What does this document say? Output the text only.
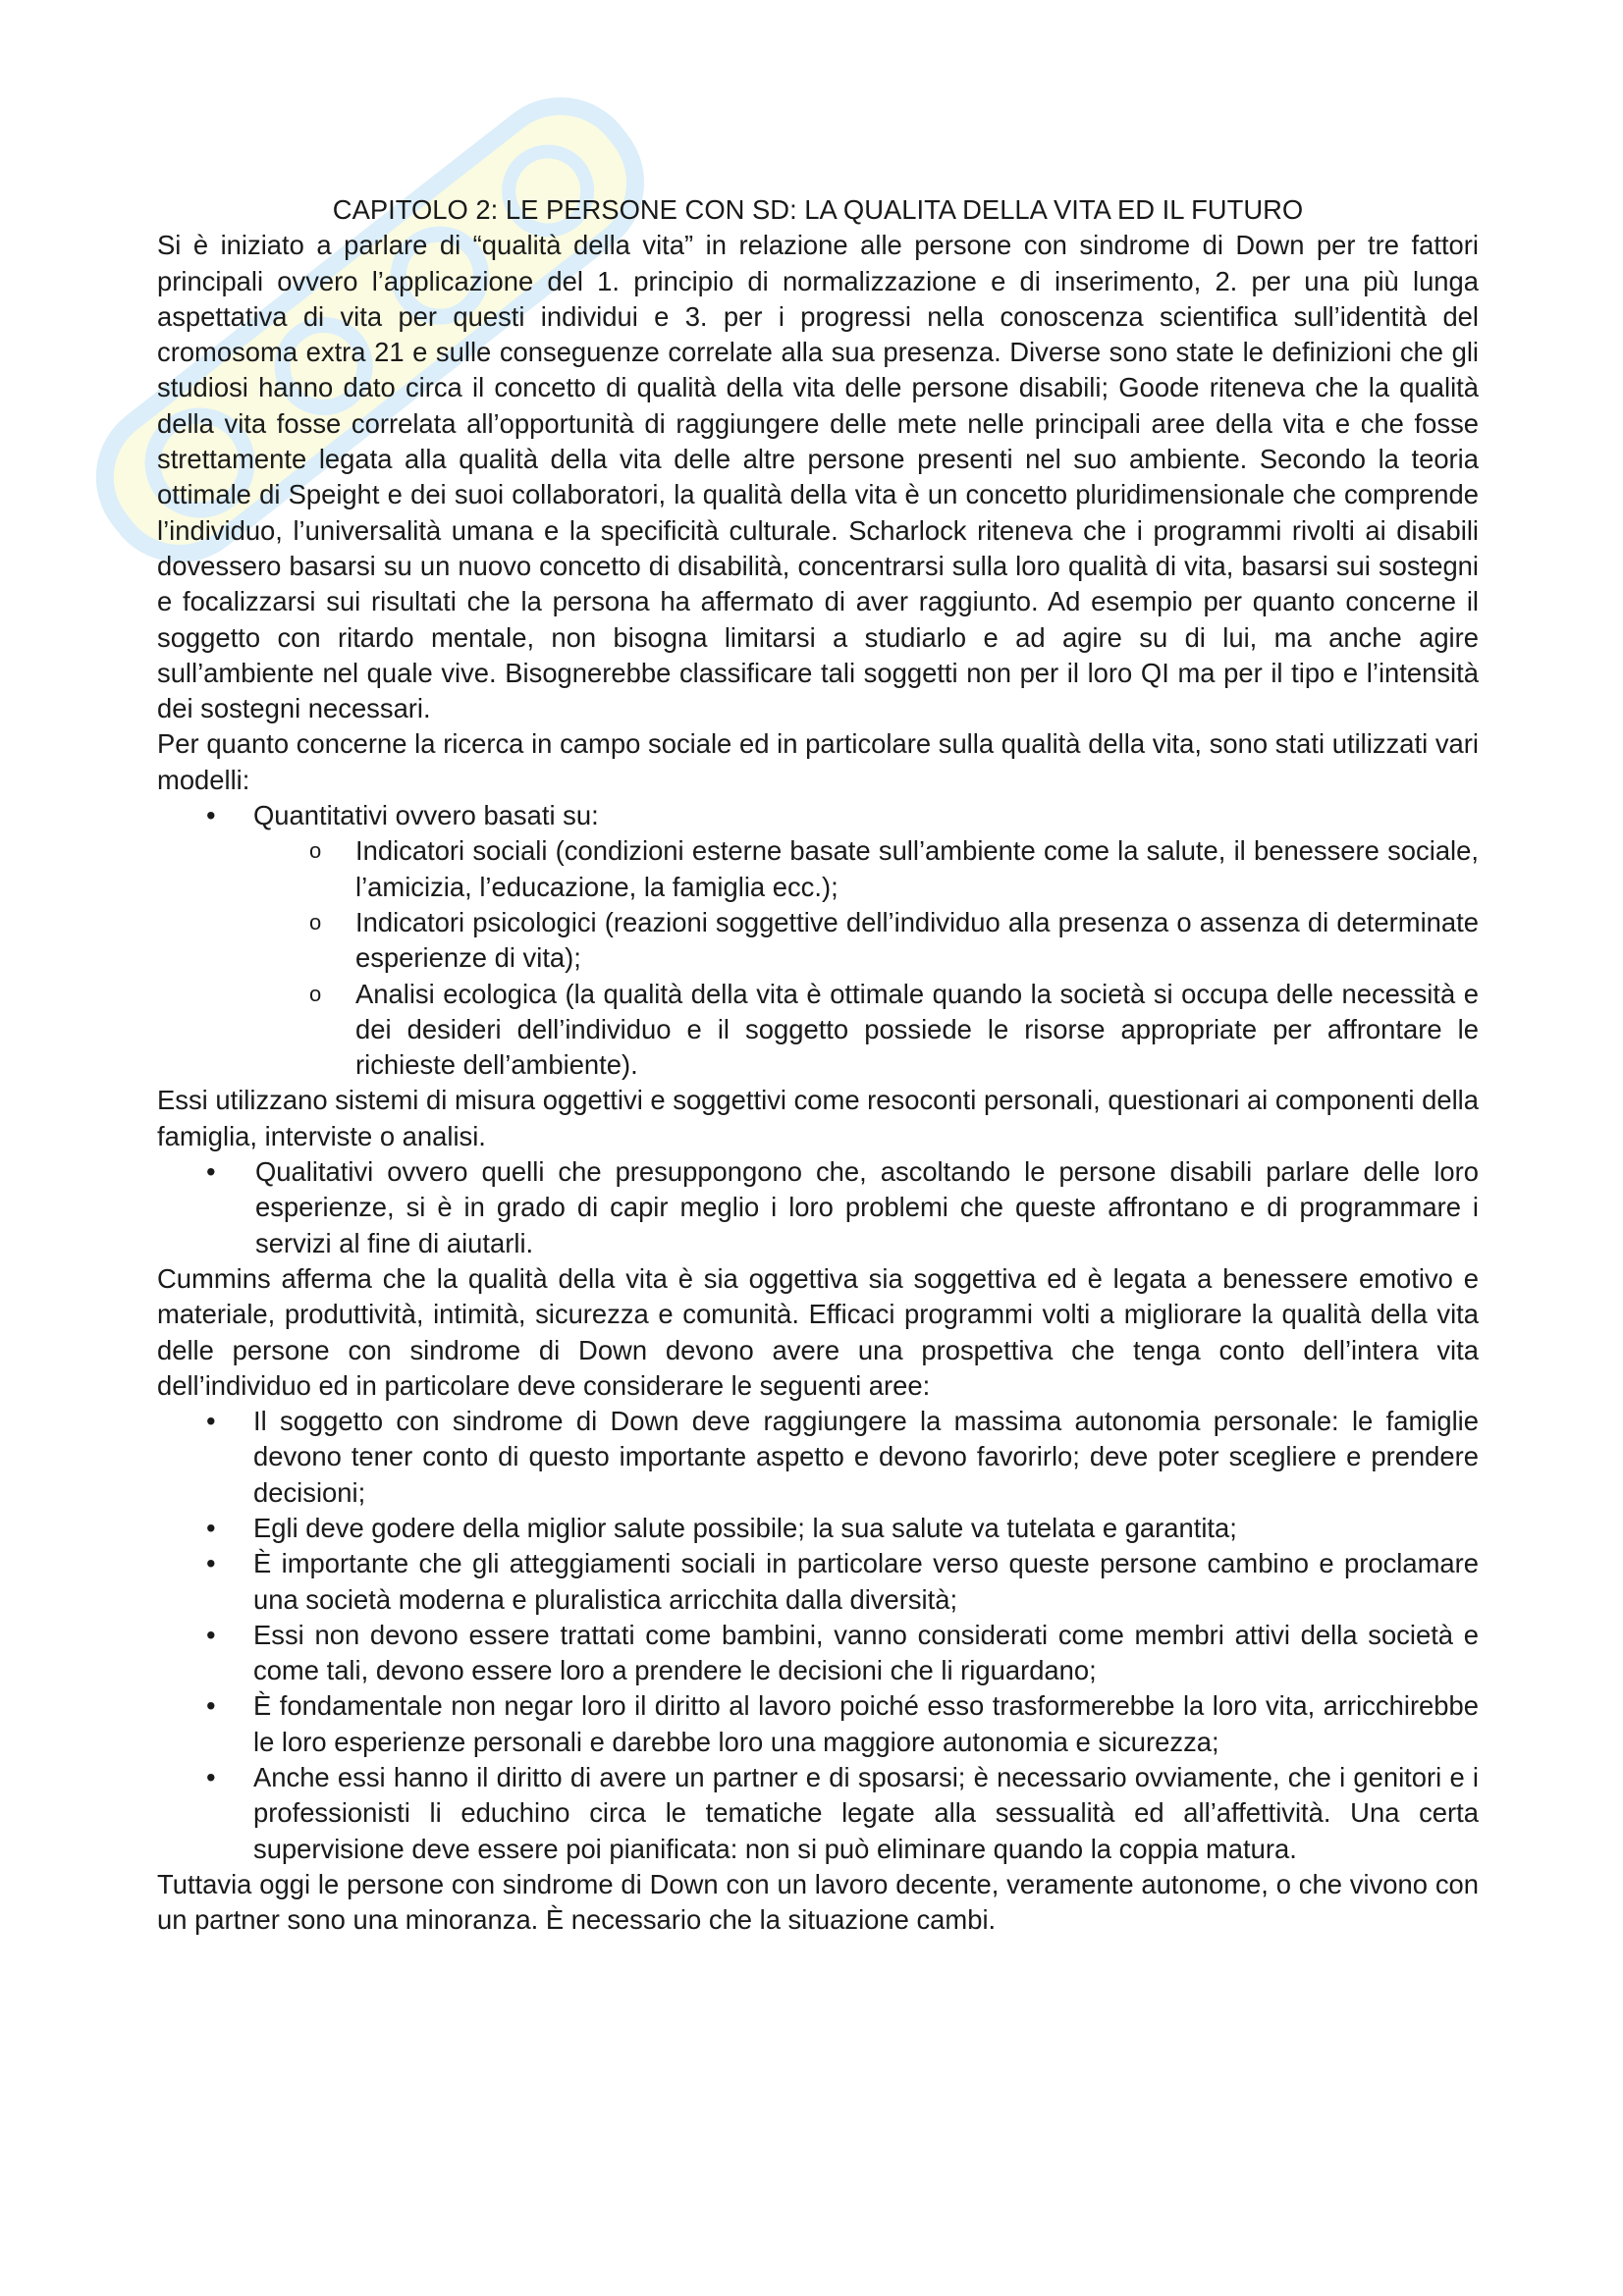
CAPITOLO 2: LE PERSONE CON SD: LA QUALITA DELLA VITA ED IL FUTURO

Si è iniziato a parlare di “qualità della vita” in relazione alle persone con sindrome di Down per tre fattori principali ovvero l’applicazione del 1. principio di normalizzazione e di inserimento, 2. per una più lunga aspettativa di vita per questi individui e 3. per i progressi nella conoscenza scientifica sull’identità del cromosoma extra 21 e sulle conseguenze correlate alla sua presenza. Diverse sono state le definizioni che gli studiosi hanno dato circa il concetto di qualità della vita delle persone disabili; Goode riteneva che la qualità della vita fosse correlata all’opportunità di raggiungere delle mete nelle principali aree della vita e che fosse strettamente legata alla qualità della vita delle altre persone presenti nel suo ambiente. Secondo la teoria ottimale di Speight e dei suoi collaboratori, la qualità della vita è un concetto pluridimensionale che comprende l’individuo, l’universalità umana e la specificità culturale. Scharlock riteneva che i programmi rivolti ai disabili dovessero basarsi su un nuovo concetto di disabilità, concentrarsi sulla loro qualità di vita, basarsi sui sostegni e focalizzarsi sui risultati che la persona ha affermato di aver raggiunto. Ad esempio per quanto concerne il soggetto con ritardo mentale, non bisogna limitarsi a studiarlo e ad agire su di lui, ma anche agire sull’ambiente nel quale vive. Bisognerebbe classificare tali soggetti non per il loro QI ma per il tipo e l’intensità dei sostegni necessari.

Per quanto concerne la ricerca in campo sociale ed in particolare sulla qualità della vita, sono stati utilizzati vari modelli:

• Quantitativi ovvero basati su:
o Indicatori sociali (condizioni esterne basate sull’ambiente come la salute, il benessere sociale, l’amicizia, l’educazione, la famiglia ecc.);
o Indicatori psicologici (reazioni soggettive dell’individuo alla presenza o assenza di determinate esperienze di vita);
o Analisi ecologica (la qualità della vita è ottimale quando la società si occupa delle necessità e dei desideri dell’individuo e il soggetto possiede le risorse appropriate per affrontare le richieste dell’ambiente).

Essi utilizzano sistemi di misura oggettivi e soggettivi come resoconti personali, questionari ai componenti della famiglia, interviste o analisi.

• Qualitativi ovvero quelli che presuppongono che, ascoltando le persone disabili parlare delle loro esperienze, si è in grado di capir meglio i loro problemi che queste affrontano e di programmare i servizi al fine di aiutarli.

Cummins afferma che la qualità della vita è sia oggettiva sia soggettiva ed è legata a benessere emotivo e materiale, produttività, intimità, sicurezza e comunità. Efficaci programmi volti a migliorare la qualità della vita delle persone con sindrome di Down devono avere una prospettiva che tenga conto dell’intera vita dell’individuo ed in particolare deve considerare le seguenti aree:

• Il soggetto con sindrome di Down deve raggiungere la massima autonomia personale: le famiglie devono tener conto di questo importante aspetto e devono favorirlo; deve poter scegliere e prendere decisioni;
• Egli deve godere della miglior salute possibile; la sua salute va tutelata e garantita;
• È importante che gli atteggiamenti sociali in particolare verso queste persone cambino e proclamare una società moderna e pluralistica arricchita dalla diversità;
• Essi non devono essere trattati come bambini, vanno considerati come membri attivi della società e come tali, devono essere loro a prendere le decisioni che li riguardano;
• È fondamentale non negar loro il diritto al lavoro poiché esso trasformerebbe la loro vita, arricchirebbe le loro esperienze personali e darebbe loro una maggiore autonomia e sicurezza;
• Anche essi hanno il diritto di avere un partner e di sposarsi; è necessario ovviamente, che i genitori e i professionisti li educhino circa le tematiche legate alla sessualità ed all’affettività. Una certa supervisione deve essere poi pianificata: non si può eliminare quando la coppia matura.

Tuttavia oggi le persone con sindrome di Down con un lavoro decente, veramente autonome, o che vivono con un partner sono una minoranza. È necessario che la situazione cambi.
